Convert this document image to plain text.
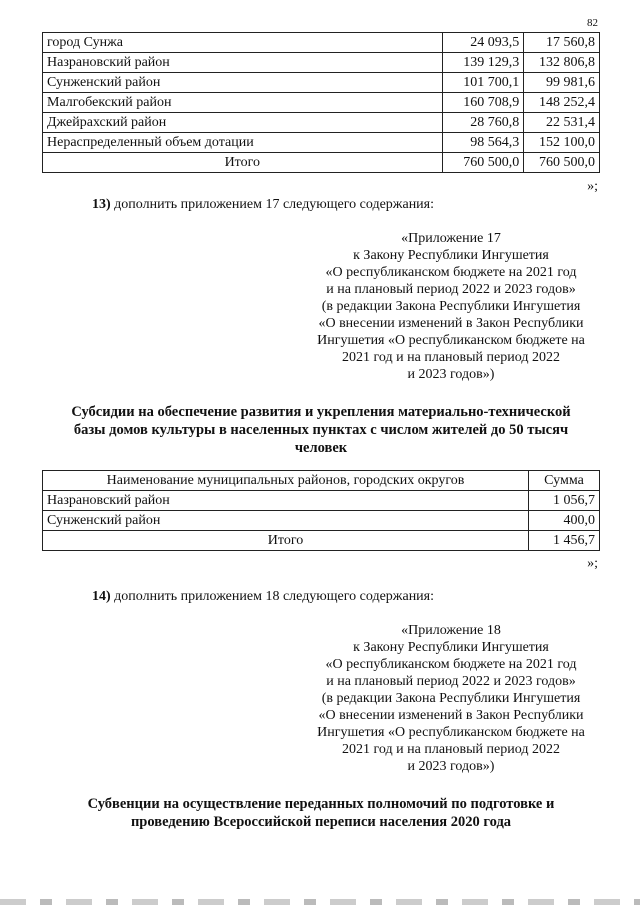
82
город Сунжа	24 093,5	17 560,8
Назрановский район	139 129,3	132 806,8
Сунженский район	101 700,1	99 981,6
Малгобекский район	160 708,9	148 252,4
Джейрахский район	28 760,8	22 531,4
Нераспределенный объем дотации	98 564,3	152 100,0
Итого	760 500,0	760 500,0
»;
13) дополнить приложением 17 следующего содержания:
«Приложение 17
к Закону Республики Ингушетия
«О республиканском бюджете на 2021 год
и на плановый период 2022 и 2023 годов»
(в редакции Закона Республики Ингушетия
«О внесении изменений в Закон Республики
Ингушетия «О республиканском бюджете на
2021 год и на плановый период 2022
и 2023 годов»)
Субсидии на обеспечение развития и укрепления материально-технической
базы домов культуры в населенных пунктах с числом жителей до 50 тысяч
человек
Наименование муниципальных районов, городских округов	Сумма
Назрановский район	1 056,7
Сунженский район	400,0
Итого	1 456,7
»;
14) дополнить приложением 18 следующего содержания:
«Приложение 18
к Закону Республики Ингушетия
«О республиканском бюджете на 2021 год
и на плановый период 2022 и 2023 годов»
(в редакции Закона Республики Ингушетия
«О внесении изменений в Закон Республики
Ингушетия «О республиканском бюджете на
2021 год и на плановый период 2022
и 2023 годов»)
Субвенции на осуществление переданных полномочий по подготовке и
проведению Всероссийской переписи населения 2020 года
